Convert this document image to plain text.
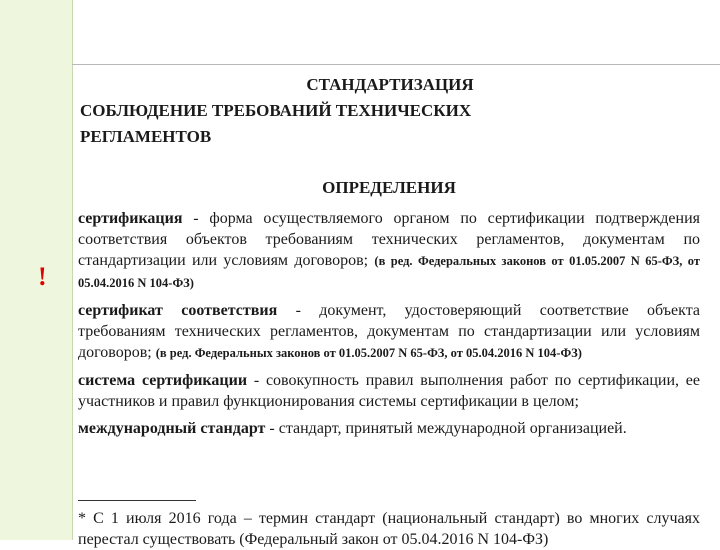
СТАНДАРТИЗАЦИЯ
СОБЛЮДЕНИЕ ТРЕБОВАНИЙ ТЕХНИЧЕСКИХ
РЕГЛАМЕНТОВ
ОПРЕДЕЛЕНИЯ
!

сертификация - форма осуществляемого органом по сертификации подтверждения соответствия объектов требованиям технических регламентов, документам по стандартизации или условиям договоров; (в ред. Федеральных законов от 01.05.2007 N 65-ФЗ, от 05.04.2016 N 104-ФЗ)

сертификат соответствия - документ, удостоверяющий соответствие объекта требованиям технических регламентов, документам по стандартизации или условиям договоров; (в ред. Федеральных законов от 01.05.2007 N 65-ФЗ, от 05.04.2016 N 104-ФЗ)

система сертификации - совокупность правил выполнения работ по сертификации, ее участников и правил функционирования системы сертификации в целом;

международный стандарт - стандарт, принятый международной организацией.

* С 1 июля 2016 года – термин стандарт (национальный стандарт) во многих случаях перестал существовать (Федеральный закон от 05.04.2016 N 104-ФЗ)
